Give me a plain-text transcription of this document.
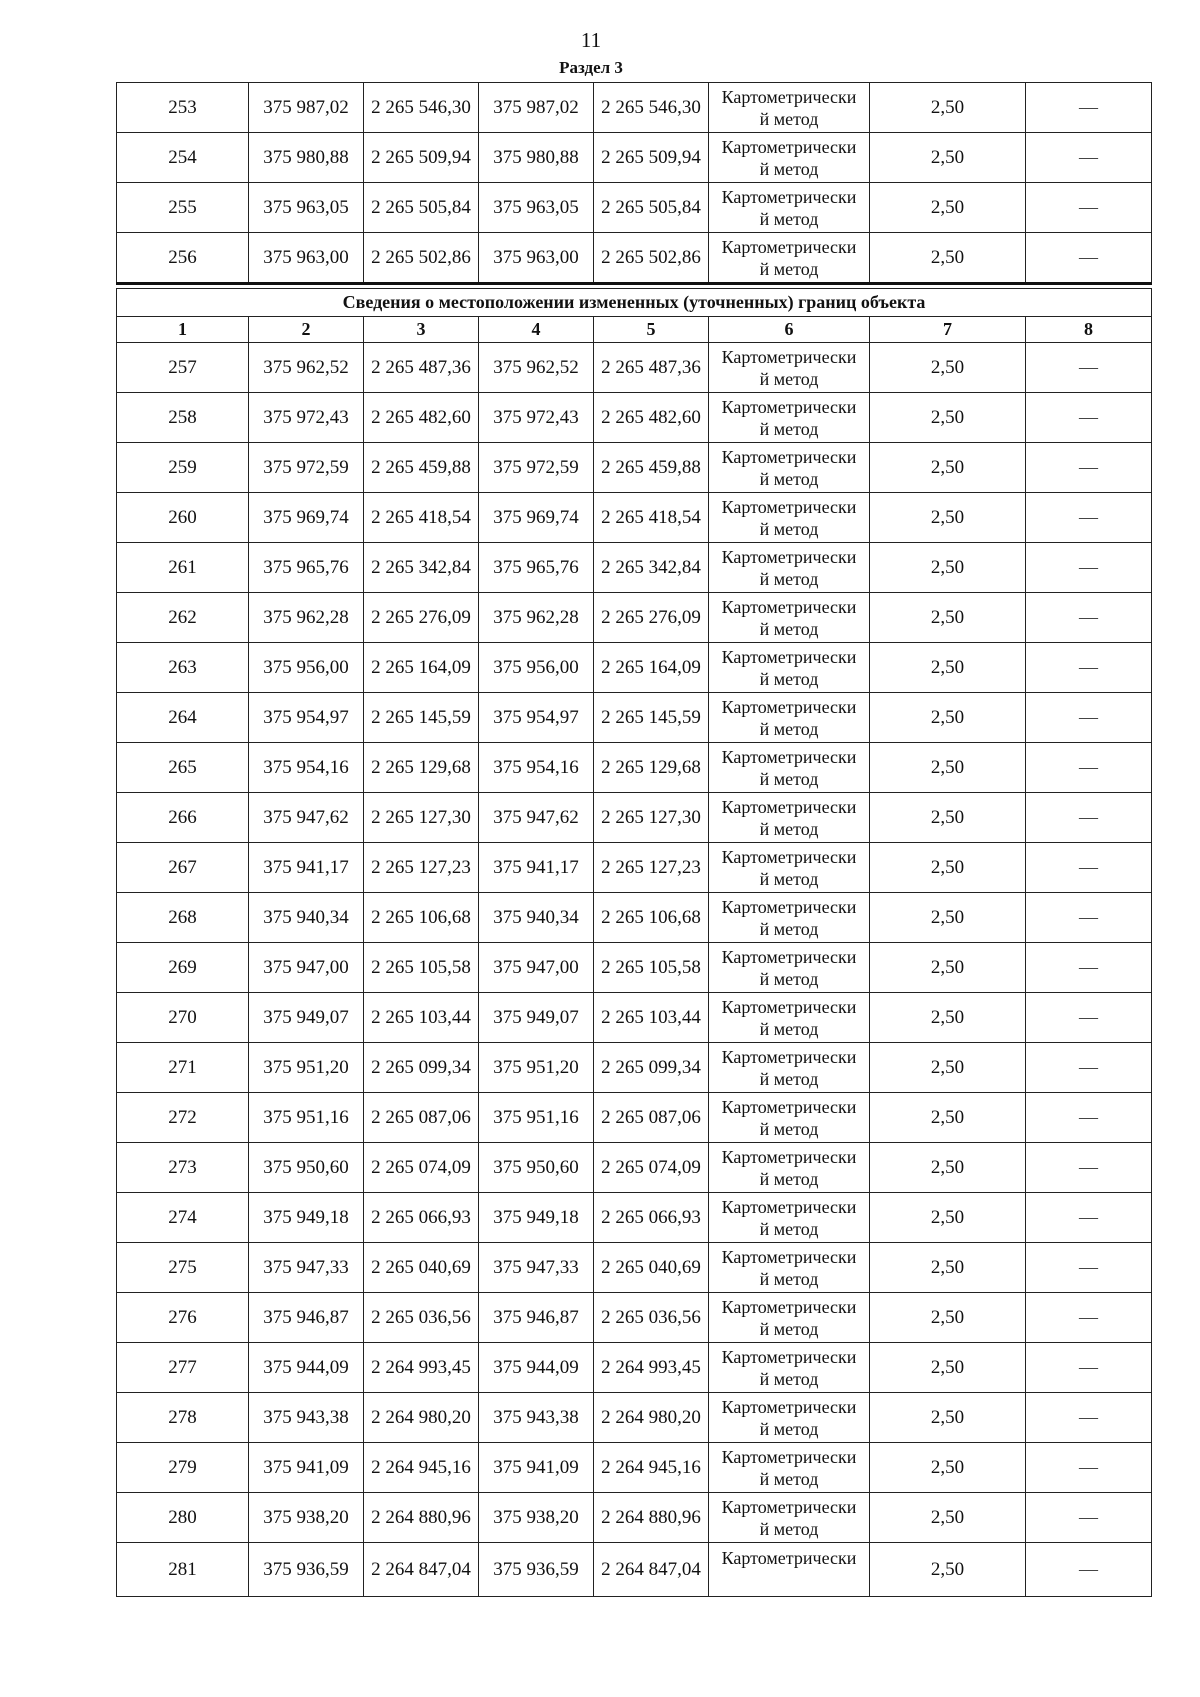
11
Раздел 3
253	375 987,02	2 265 546,30	375 987,02	2 265 546,30	Картометрически
й метод	2,50	—
254	375 980,88	2 265 509,94	375 980,88	2 265 509,94	Картометрически
й метод	2,50	—
255	375 963,05	2 265 505,84	375 963,05	2 265 505,84	Картометрически
й метод	2,50	—
256	375 963,00	2 265 502,86	375 963,00	2 265 502,86	Картометрически
й метод	2,50	—
Сведения о местоположении измененных (уточненных) границ объекта							
1	2	3	4	5	6	7	8
257	375 962,52	2 265 487,36	375 962,52	2 265 487,36	Картометрически
й метод	2,50	—
258	375 972,43	2 265 482,60	375 972,43	2 265 482,60	Картометрически
й метод	2,50	—
259	375 972,59	2 265 459,88	375 972,59	2 265 459,88	Картометрически
й метод	2,50	—
260	375 969,74	2 265 418,54	375 969,74	2 265 418,54	Картометрически
й метод	2,50	—
261	375 965,76	2 265 342,84	375 965,76	2 265 342,84	Картометрически
й метод	2,50	—
262	375 962,28	2 265 276,09	375 962,28	2 265 276,09	Картометрически
й метод	2,50	—
263	375 956,00	2 265 164,09	375 956,00	2 265 164,09	Картометрически
й метод	2,50	—
264	375 954,97	2 265 145,59	375 954,97	2 265 145,59	Картометрически
й метод	2,50	—
265	375 954,16	2 265 129,68	375 954,16	2 265 129,68	Картометрически
й метод	2,50	—
266	375 947,62	2 265 127,30	375 947,62	2 265 127,30	Картометрически
й метод	2,50	—
267	375 941,17	2 265 127,23	375 941,17	2 265 127,23	Картометрически
й метод	2,50	—
268	375 940,34	2 265 106,68	375 940,34	2 265 106,68	Картометрически
й метод	2,50	—
269	375 947,00	2 265 105,58	375 947,00	2 265 105,58	Картометрически
й метод	2,50	—
270	375 949,07	2 265 103,44	375 949,07	2 265 103,44	Картометрически
й метод	2,50	—
271	375 951,20	2 265 099,34	375 951,20	2 265 099,34	Картометрически
й метод	2,50	—
272	375 951,16	2 265 087,06	375 951,16	2 265 087,06	Картометрически
й метод	2,50	—
273	375 950,60	2 265 074,09	375 950,60	2 265 074,09	Картометрически
й метод	2,50	—
274	375 949,18	2 265 066,93	375 949,18	2 265 066,93	Картометрически
й метод	2,50	—
275	375 947,33	2 265 040,69	375 947,33	2 265 040,69	Картометрически
й метод	2,50	—
276	375 946,87	2 265 036,56	375 946,87	2 265 036,56	Картометрически
й метод	2,50	—
277	375 944,09	2 264 993,45	375 944,09	2 264 993,45	Картометрически
й метод	2,50	—
278	375 943,38	2 264 980,20	375 943,38	2 264 980,20	Картометрически
й метод	2,50	—
279	375 941,09	2 264 945,16	375 941,09	2 264 945,16	Картометрически
й метод	2,50	—
280	375 938,20	2 264 880,96	375 938,20	2 264 880,96	Картометрически
й метод	2,50	—
281	375 936,59	2 264 847,04	375 936,59	2 264 847,04	Картометрически	2,50	—
